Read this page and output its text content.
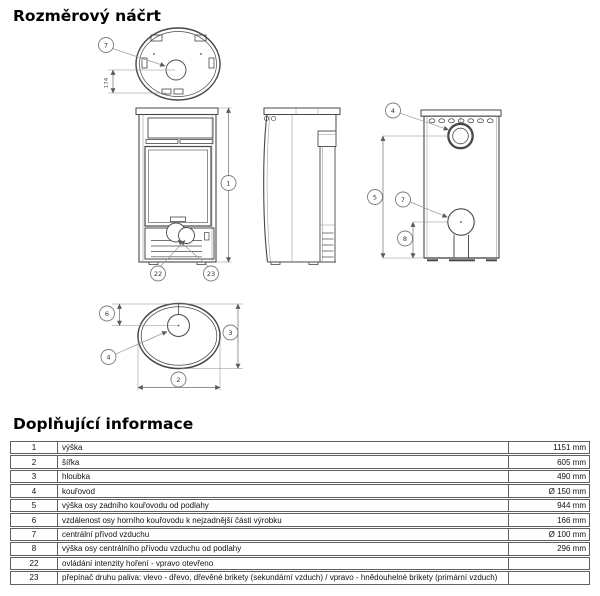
Rozměrový náčrt
174
7
1
22	23
5
8
4
7
6
3
2
4
Doplňující informace
1	výška	1151 mm
2	šířka	605 mm
3	hloubka	490 mm
4	kouřovod	Ø 150 mm
5	výška osy zadního kouřovodu od podlahy	944 mm
6	vzdálenost osy horního kouřovodu k nejzadnější části výrobku	166 mm
7	centrální přívod vzduchu	Ø 100 mm
8	výška osy centrálního přívodu vzduchu od podlahy	296 mm
22	ovládání intenzity hoření - vpravo otevřeno
23	přepínač druhu paliva: vlevo - dřevo, dřevěné brikety (sekundární vzduch) / vpravo - hnědouhelné brikety (primární vzduch)
